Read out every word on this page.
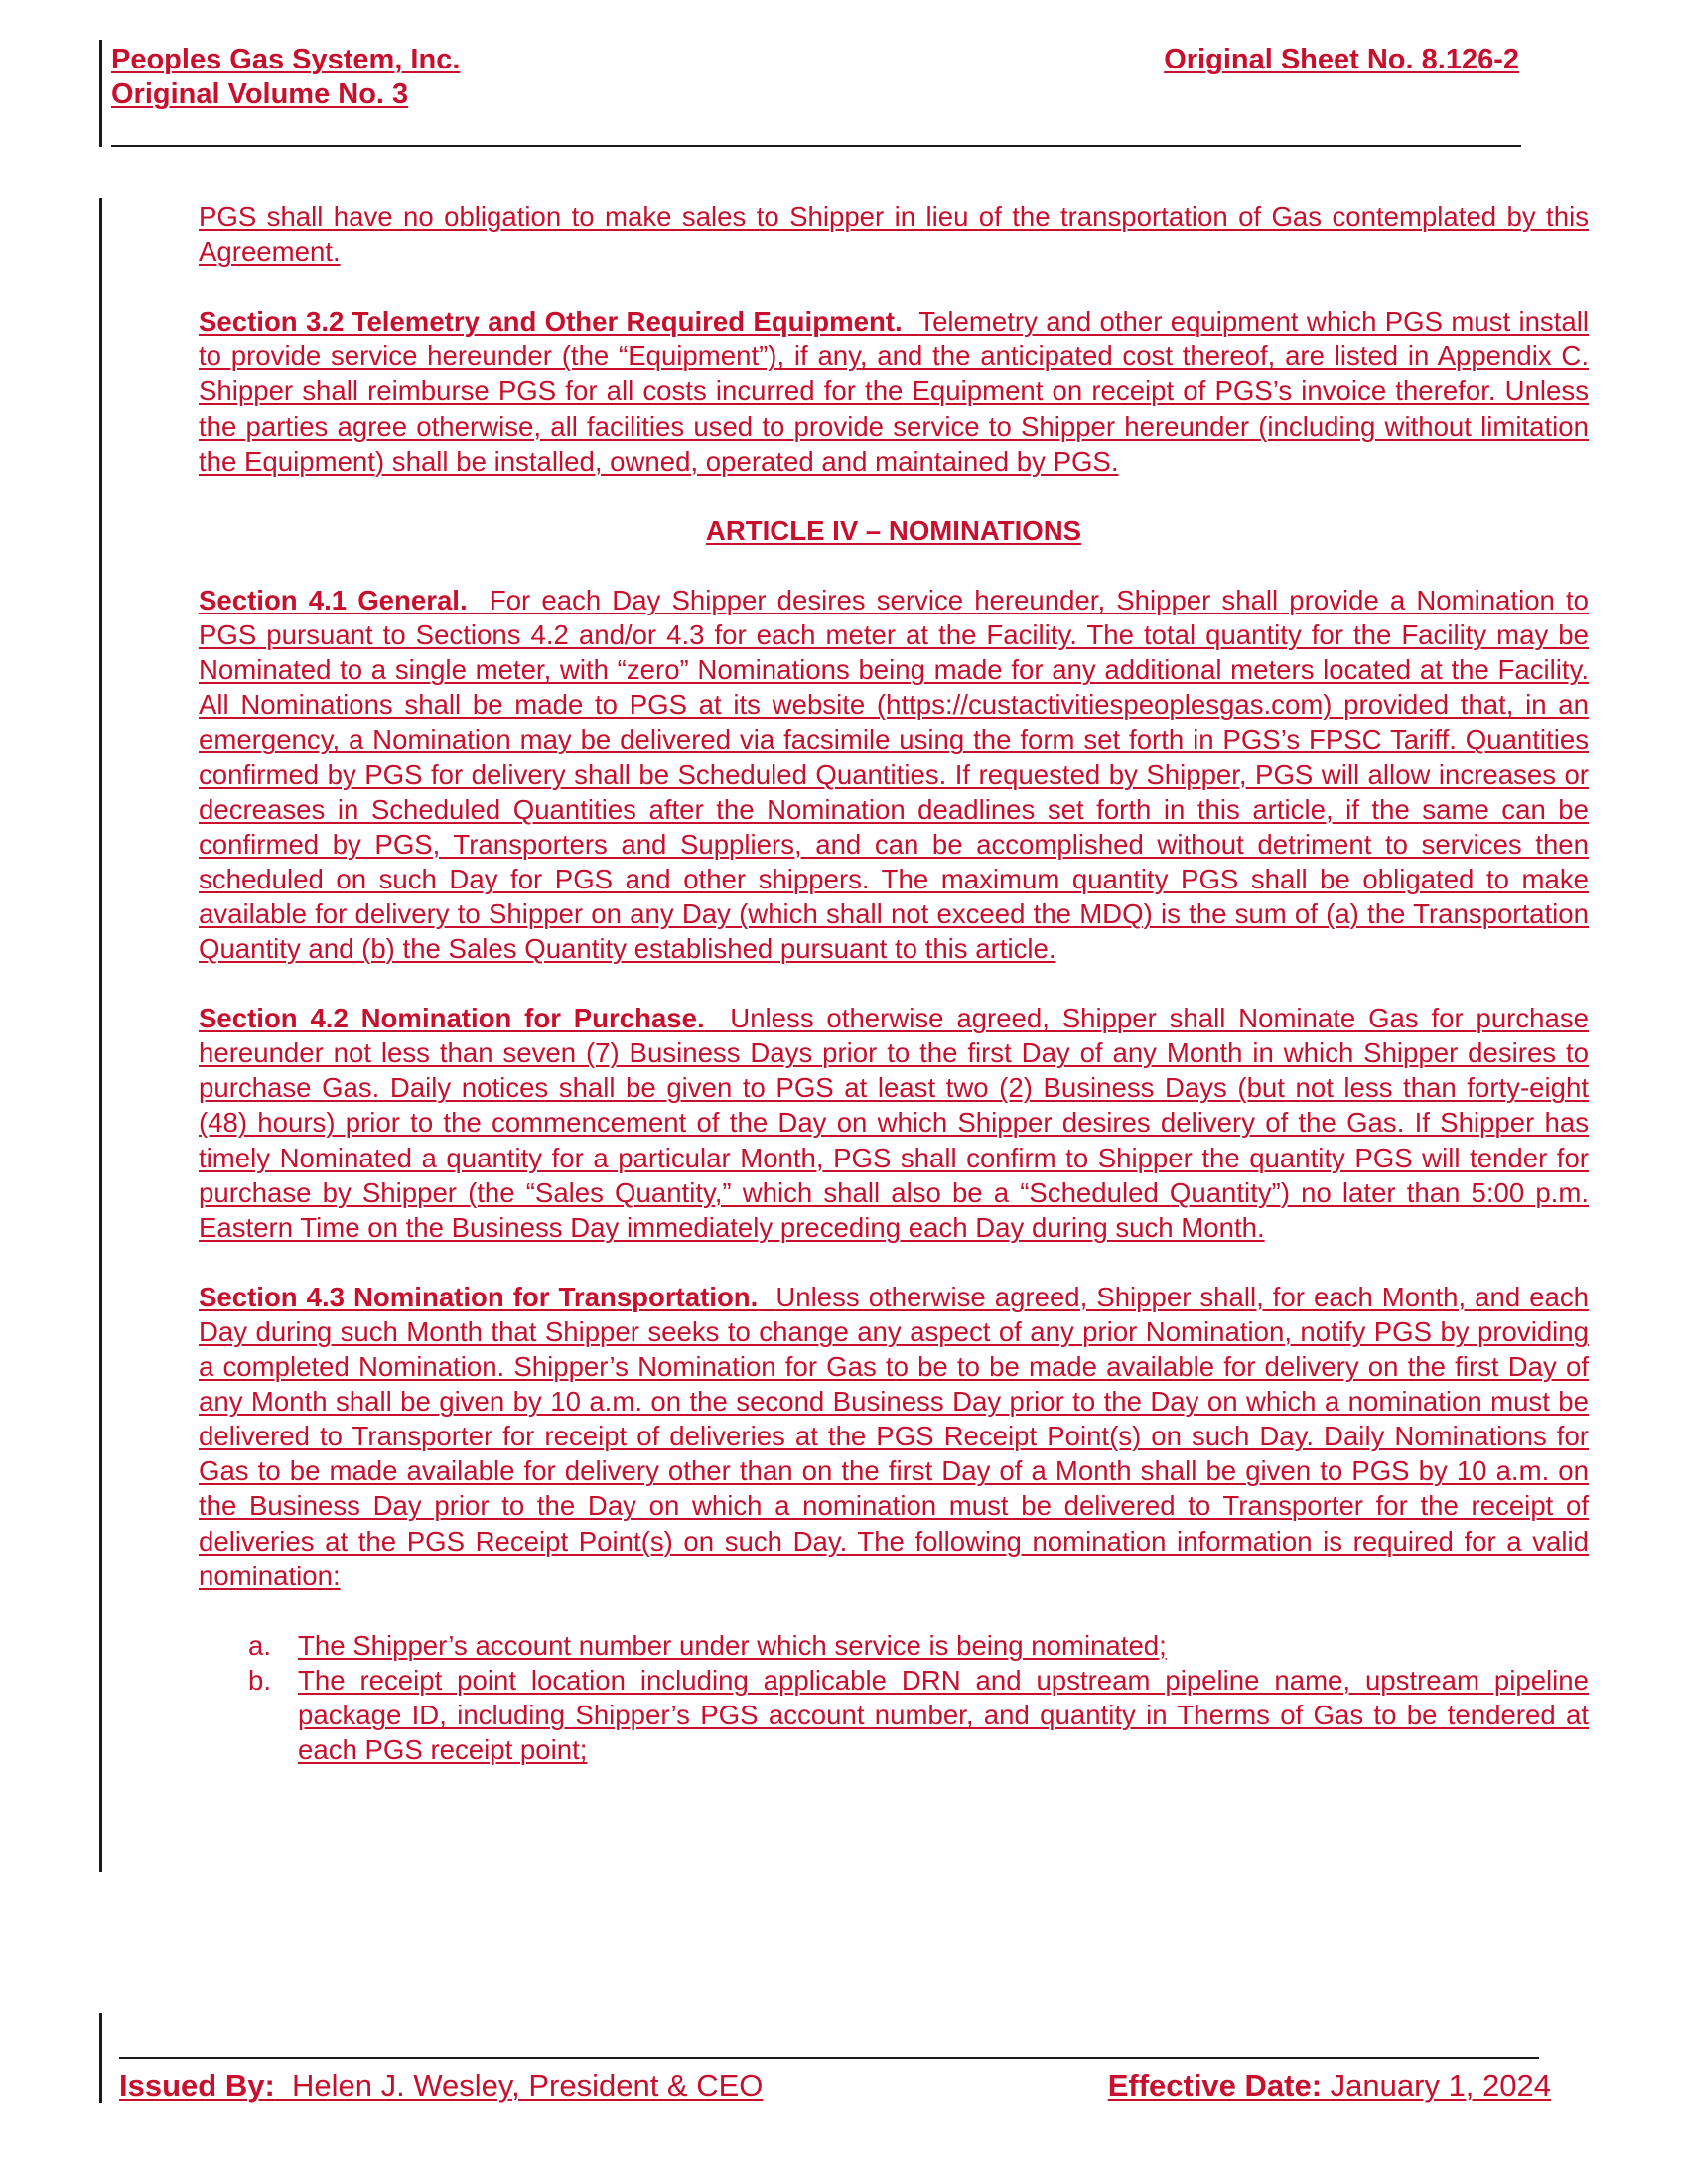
Peoples Gas System, Inc.	Original Sheet No. 8.126-2
Original Volume No. 3

PGS shall have no obligation to make sales to Shipper in lieu of the transportation of Gas contemplated by this Agreement.

Section 3.2 Telemetry and Other Required Equipment. Telemetry and other equipment which PGS must install to provide service hereunder (the “Equipment”), if any, and the anticipated cost thereof, are listed in Appendix C. Shipper shall reimburse PGS for all costs incurred for the Equipment on receipt of PGS’s invoice therefor. Unless the parties agree otherwise, all facilities used to provide service to Shipper hereunder (including without limitation the Equipment) shall be installed, owned, operated and maintained by PGS.

ARTICLE IV – NOMINATIONS

Section 4.1 General. For each Day Shipper desires service hereunder, Shipper shall provide a Nomination to PGS pursuant to Sections 4.2 and/or 4.3 for each meter at the Facility. The total quantity for the Facility may be Nominated to a single meter, with “zero” Nominations being made for any additional meters located at the Facility. All Nominations shall be made to PGS at its website (https://custactivitiespeoplesgas.com) provided that, in an emergency, a Nomination may be delivered via facsimile using the form set forth in PGS’s FPSC Tariff. Quantities confirmed by PGS for delivery shall be Scheduled Quantities. If requested by Shipper, PGS will allow increases or decreases in Scheduled Quantities after the Nomination deadlines set forth in this article, if the same can be confirmed by PGS, Transporters and Suppliers, and can be accomplished without detriment to services then scheduled on such Day for PGS and other shippers. The maximum quantity PGS shall be obligated to make available for delivery to Shipper on any Day (which shall not exceed the MDQ) is the sum of (a) the Transportation Quantity and (b) the Sales Quantity established pursuant to this article.

Section 4.2 Nomination for Purchase. Unless otherwise agreed, Shipper shall Nominate Gas for purchase hereunder not less than seven (7) Business Days prior to the first Day of any Month in which Shipper desires to purchase Gas. Daily notices shall be given to PGS at least two (2) Business Days (but not less than forty-eight (48) hours) prior to the commencement of the Day on which Shipper desires delivery of the Gas. If Shipper has timely Nominated a quantity for a particular Month, PGS shall confirm to Shipper the quantity PGS will tender for purchase by Shipper (the “Sales Quantity,” which shall also be a “Scheduled Quantity”) no later than 5:00 p.m. Eastern Time on the Business Day immediately preceding each Day during such Month.

Section 4.3 Nomination for Transportation. Unless otherwise agreed, Shipper shall, for each Month, and each Day during such Month that Shipper seeks to change any aspect of any prior Nomination, notify PGS by providing a completed Nomination. Shipper’s Nomination for Gas to be to be made available for delivery on the first Day of any Month shall be given by 10 a.m. on the second Business Day prior to the Day on which a nomination must be delivered to Transporter for receipt of deliveries at the PGS Receipt Point(s) on such Day. Daily Nominations for Gas to be made available for delivery other than on the first Day of a Month shall be given to PGS by 10 a.m. on the Business Day prior to the Day on which a nomination must be delivered to Transporter for the receipt of deliveries at the PGS Receipt Point(s) on such Day. The following nomination information is required for a valid nomination:

a. The Shipper’s account number under which service is being nominated;
b. The receipt point location including applicable DRN and upstream pipeline name, upstream pipeline package ID, including Shipper’s PGS account number, and quantity in Therms of Gas to be tendered at each PGS receipt point;
Issued By: Helen J. Wesley, President & CEO	Effective Date: January 1, 2024
